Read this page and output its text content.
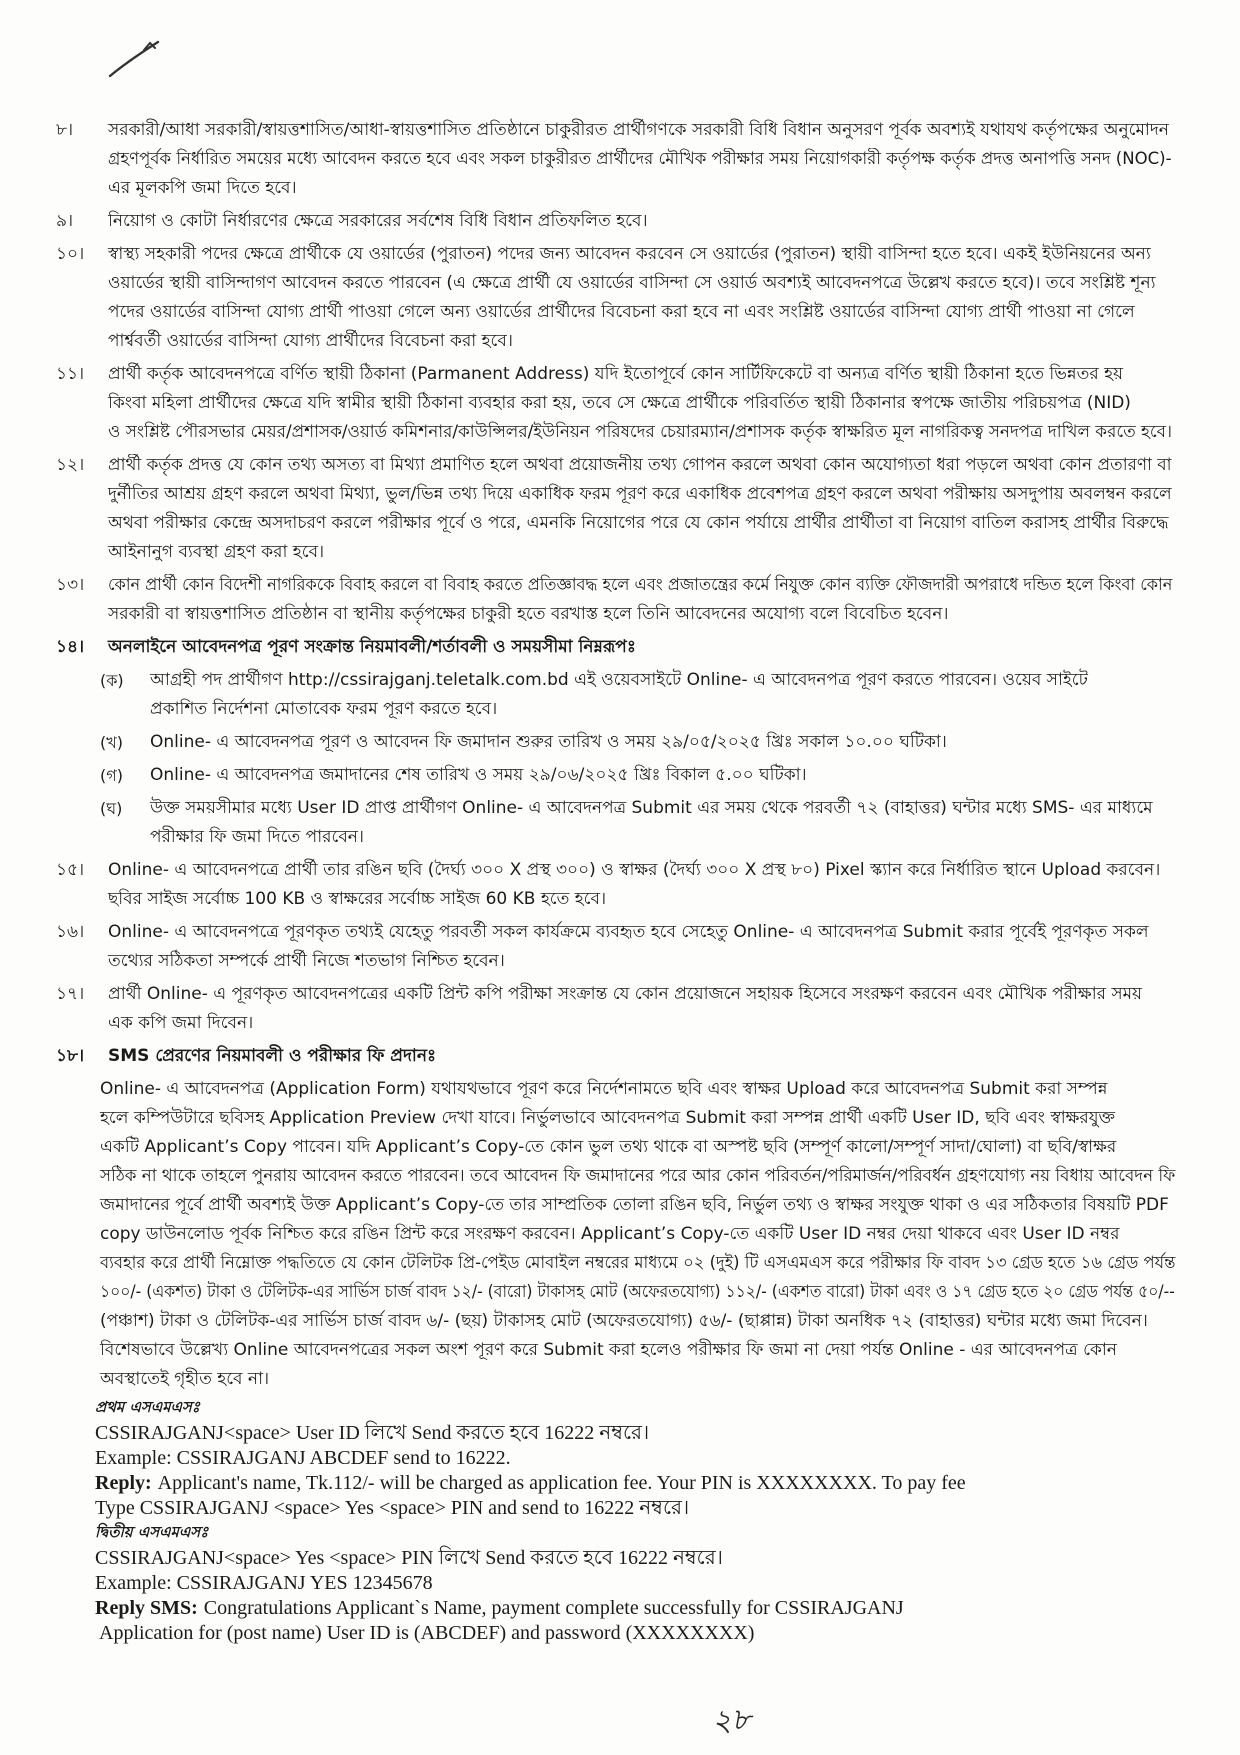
৮। সরকারী/আধা সরকারী/স্বায়ত্তশাসিত/আধা-স্বায়ত্তশাসিত প্রতিষ্ঠানে চাকুরীরত প্রার্থীগণকে সরকারী বিধি বিধান অনুসরণ পূর্বক অবশ্যই যথাযথ কর্তৃপক্ষের অনুমোদন
গ্রহণপূর্বক নির্ধারিত সময়ের মধ্যে আবেদন করতে হবে এবং সকল চাকুরীরত প্রার্থীদের মৌখিক পরীক্ষার সময় নিয়োগকারী কর্তৃপক্ষ কর্তৃক প্রদত্ত অনাপত্তি সনদ (NOC)-
এর মূলকপি জমা দিতে হবে।
৯। নিয়োগ ও কোটা নির্ধারণের ক্ষেত্রে সরকারের সর্বশেষ বিধি বিধান প্রতিফলিত হবে।
১০। স্বাস্থ্য সহকারী পদের ক্ষেত্রে প্রার্থীকে যে ওয়ার্ডের (পুরাতন) পদের জন্য আবেদন করবেন সে ওয়ার্ডের (পুরাতন) স্থায়ী বাসিন্দা হতে হবে। একই ইউনিয়নের অন্য
ওয়ার্ডের স্থায়ী বাসিন্দাগণ আবেদন করতে পারবেন (এ ক্ষেত্রে প্রার্থী যে ওয়ার্ডের বাসিন্দা সে ওয়ার্ড অবশ্যই আবেদনপত্রে উল্লেখ করতে হবে)। তবে সংশ্লিষ্ট শূন্য
পদের ওয়ার্ডের বাসিন্দা যোগ্য প্রার্থী পাওয়া গেলে অন্য ওয়ার্ডের প্রার্থীদের বিবেচনা করা হবে না এবং সংশ্লিষ্ট ওয়ার্ডের বাসিন্দা যোগ্য প্রার্থী পাওয়া না গেলে
পার্শ্ববর্তী ওয়ার্ডের বাসিন্দা যোগ্য প্রার্থীদের বিবেচনা করা হবে।
১১। প্রার্থী কর্তৃক আবেদনপত্রে বর্ণিত স্থায়ী ঠিকানা (Parmanent Address) যদি ইতোপূর্বে কোন সার্টিফিকেটে বা অন্যত্র বর্ণিত স্থায়ী ঠিকানা হতে ভিন্নতর হয়
কিংবা মহিলা প্রার্থীদের ক্ষেত্রে যদি স্বামীর স্থায়ী ঠিকানা ব্যবহার করা হয়, তবে সে ক্ষেত্রে প্রার্থীকে পরিবর্তিত স্থায়ী ঠিকানার স্বপক্ষে জাতীয় পরিচয়পত্র (NID)
ও সংশ্লিষ্ট পৌরসভার মেয়র/প্রশাসক/ওয়ার্ড কমিশনার/কাউন্সিলর/ইউনিয়ন পরিষদের চেয়ারম্যান/প্রশাসক কর্তৃক স্বাক্ষরিত মূল নাগরিকত্ব সনদপত্র দাখিল করতে হবে।
১২। প্রার্থী কর্তৃক প্রদত্ত যে কোন তথ্য অসত্য বা মিথ্যা প্রমাণিত হলে অথবা প্রয়োজনীয় তথ্য গোপন করলে অথবা কোন অযোগ্যতা ধরা পড়লে অথবা কোন প্রতারণা বা
দুর্নীতির আশ্রয় গ্রহণ করলে অথবা মিথ্যা, ভুল/ভিন্ন তথ্য দিয়ে একাধিক ফরম পূরণ করে একাধিক প্রবেশপত্র গ্রহণ করলে অথবা পরীক্ষায় অসদুপায় অবলম্বন করলে
অথবা পরীক্ষার কেন্দ্রে অসদাচরণ করলে পরীক্ষার পূর্বে ও পরে, এমনকি নিয়োগের পরে যে কোন পর্যায়ে প্রার্থীর প্রার্থীতা বা নিয়োগ বাতিল করাসহ প্রার্থীর বিরুদ্ধে
আইনানুগ ব্যবস্থা গ্রহণ করা হবে।
১৩। কোন প্রার্থী কোন বিদেশী নাগরিককে বিবাহ করলে বা বিবাহ করতে প্রতিজ্ঞাবদ্ধ হলে এবং প্রজাতন্ত্রের কর্মে নিযুক্ত কোন ব্যক্তি ফৌজদারী অপরাধে দন্ডিত হলে কিংবা কোন
সরকারী বা স্বায়ত্তশাসিত প্রতিষ্ঠান বা স্থানীয় কর্তৃপক্ষের চাকুরী হতে বরখাস্ত হলে তিনি আবেদনের অযোগ্য বলে বিবেচিত হবেন।
১৪। অনলাইনে আবেদনপত্র পূরণ সংক্রান্ত নিয়মাবলী/শর্তাবলী ও সময়সীমা নিম্নরূপঃ
(ক) আগ্রহী পদ প্রার্থীগণ http://cssirajganj.teletalk.com.bd এই ওয়েবসাইটে Online- এ আবেদনপত্র পূরণ করতে পারবেন। ওয়েব সাইটে
প্রকাশিত নির্দেশনা মোতাবেক ফরম পূরণ করতে হবে।
(খ) Online- এ আবেদনপত্র পূরণ ও আবেদন ফি জমাদান শুরুর তারিখ ও সময় ২৯/০৫/২০২৫ খ্রিঃ সকাল ১০.০০ ঘটিকা।
(গ) Online- এ আবেদনপত্র জমাদানের শেষ তারিখ ও সময় ২৯/০৬/২০২৫ খ্রিঃ বিকাল ৫.০০ ঘটিকা।
(ঘ) উক্ত সময়সীমার মধ্যে User ID প্রাপ্ত প্রার্থীগণ Online- এ আবেদনপত্র Submit এর সময় থেকে পরবর্তী ৭২ (বাহাত্তর) ঘন্টার মধ্যে SMS- এর মাধ্যমে
পরীক্ষার ফি জমা দিতে পারবেন।
১৫। Online- এ আবেদনপত্রে প্রার্থী তার রঙিন ছবি (দৈর্ঘ্য ৩০০ X প্রস্থ ৩০০) ও স্বাক্ষর (দৈর্ঘ্য ৩০০ X প্রস্থ ৮০) Pixel স্ক্যান করে নির্ধারিত স্থানে Upload করবেন।
ছবির সাইজ সর্বোচ্চ 100 KB ও স্বাক্ষরের সর্বোচ্চ সাইজ 60 KB হতে হবে।
১৬। Online- এ আবেদনপত্রে পূরণকৃত তথ্যই যেহেতু পরবর্তী সকল কার্যক্রমে ব্যবহৃত হবে সেহেতু Online- এ আবেদনপত্র Submit করার পূর্বেই পূরণকৃত সকল
তথ্যের সঠিকতা সম্পর্কে প্রার্থী নিজে শতভাগ নিশ্চিত হবেন।
১৭। প্রার্থী Online- এ পূরণকৃত আবেদনপত্রের একটি প্রিন্ট কপি পরীক্ষা সংক্রান্ত যে কোন প্রয়োজনে সহায়ক হিসেবে সংরক্ষণ করবেন এবং মৌখিক পরীক্ষার সময়
এক কপি জমা দিবেন।
১৮। SMS প্রেরণের নিয়মাবলী ও পরীক্ষার ফি প্রদানঃ
Online- এ আবেদনপত্র (Application Form) যথাযথভাবে পূরণ করে নির্দেশনামতে ছবি এবং স্বাক্ষর Upload করে আবেদনপত্র Submit করা সম্পন্ন
হলে কম্পিউটারে ছবিসহ Application Preview দেখা যাবে। নির্ভুলভাবে আবেদনপত্র Submit করা সম্পন্ন প্রার্থী একটি User ID, ছবি এবং স্বাক্ষরযুক্ত
একটি Applicant’s Copy পাবেন। যদি Applicant’s Copy-তে কোন ভুল তথ্য থাকে বা অস্পষ্ট ছবি (সম্পূর্ণ কালো/সম্পূর্ণ সাদা/ঘোলা) বা ছবি/স্বাক্ষর
সঠিক না থাকে তাহলে পুনরায় আবেদন করতে পারবেন। তবে আবেদন ফি জমাদানের পরে আর কোন পরিবর্তন/পরিমার্জন/পরিবর্ধন গ্রহণযোগ্য নয় বিধায় আবেদন ফি
জমাদানের পূর্বে প্রার্থী অবশ্যই উক্ত Applicant’s Copy-তে তার সাম্প্রতিক তোলা রঙিন ছবি, নির্ভুল তথ্য ও স্বাক্ষর সংযুক্ত থাকা ও এর সঠিকতার বিষয়টি PDF
copy ডাউনলোড পূর্বক নিশ্চিত করে রঙিন প্রিন্ট করে সংরক্ষণ করবেন। Applicant’s Copy-তে একটি User ID নম্বর দেয়া থাকবে এবং User ID নম্বর
ব্যবহার করে প্রার্থী নিম্নোক্ত পদ্ধতিতে যে কোন টেলিটক প্রি-পেইড মোবাইল নম্বরের মাধ্যমে ০২ (দুই) টি এসএমএস করে পরীক্ষার ফি বাবদ ১৩ গ্রেড হতে ১৬ গ্রেড পর্যন্ত
১০০/- (একশত) টাকা ও টেলিটক-এর সার্ভিস চার্জ বাবদ ১২/- (বারো) টাকাসহ মোট (অফেরতযোগ্য) ১১২/- (একশত বারো) টাকা এবং ও ১৭ গ্রেড হতে ২০ গ্রেড পর্যন্ত ৫০/--
(পঞ্চাশ) টাকা ও টেলিটক-এর সার্ভিস চার্জ বাবদ ৬/- (ছয়) টাকাসহ মোট (অফেরতযোগ্য) ৫৬/- (ছাপ্পান্ন) টাকা অনধিক ৭২ (বাহাত্তর) ঘন্টার মধ্যে জমা দিবেন।
বিশেষভাবে উল্লেখ্য Online আবেদনপত্রের সকল অংশ পূরণ করে Submit করা হলেও পরীক্ষার ফি জমা না দেয়া পর্যন্ত Online - এর আবেদনপত্র কোন
অবস্থাতেই গৃহীত হবে না।
প্রথম এসএমএসঃ
CSSIRAJGANJ<space> User ID লিখে Send করতে হবে 16222 নম্বরে।
Example: CSSIRAJGANJ ABCDEF send to 16222.
Reply: Applicant's name, Tk.112/- will be charged as application fee. Your PIN is XXXXXXXX. To pay fee
Type CSSIRAJGANJ <space> Yes <space> PIN and send to 16222 নম্বরে।
দ্বিতীয় এসএমএসঃ
CSSIRAJGANJ<space> Yes <space> PIN লিখে Send করতে হবে 16222 নম্বরে।
Example: CSSIRAJGANJ YES 12345678
Reply SMS: Congratulations Applicant`s Name, payment complete successfully for CSSIRAJGANJ
Application for (post name) User ID is (ABCDEF) and password (XXXXXXXX)
২৮
